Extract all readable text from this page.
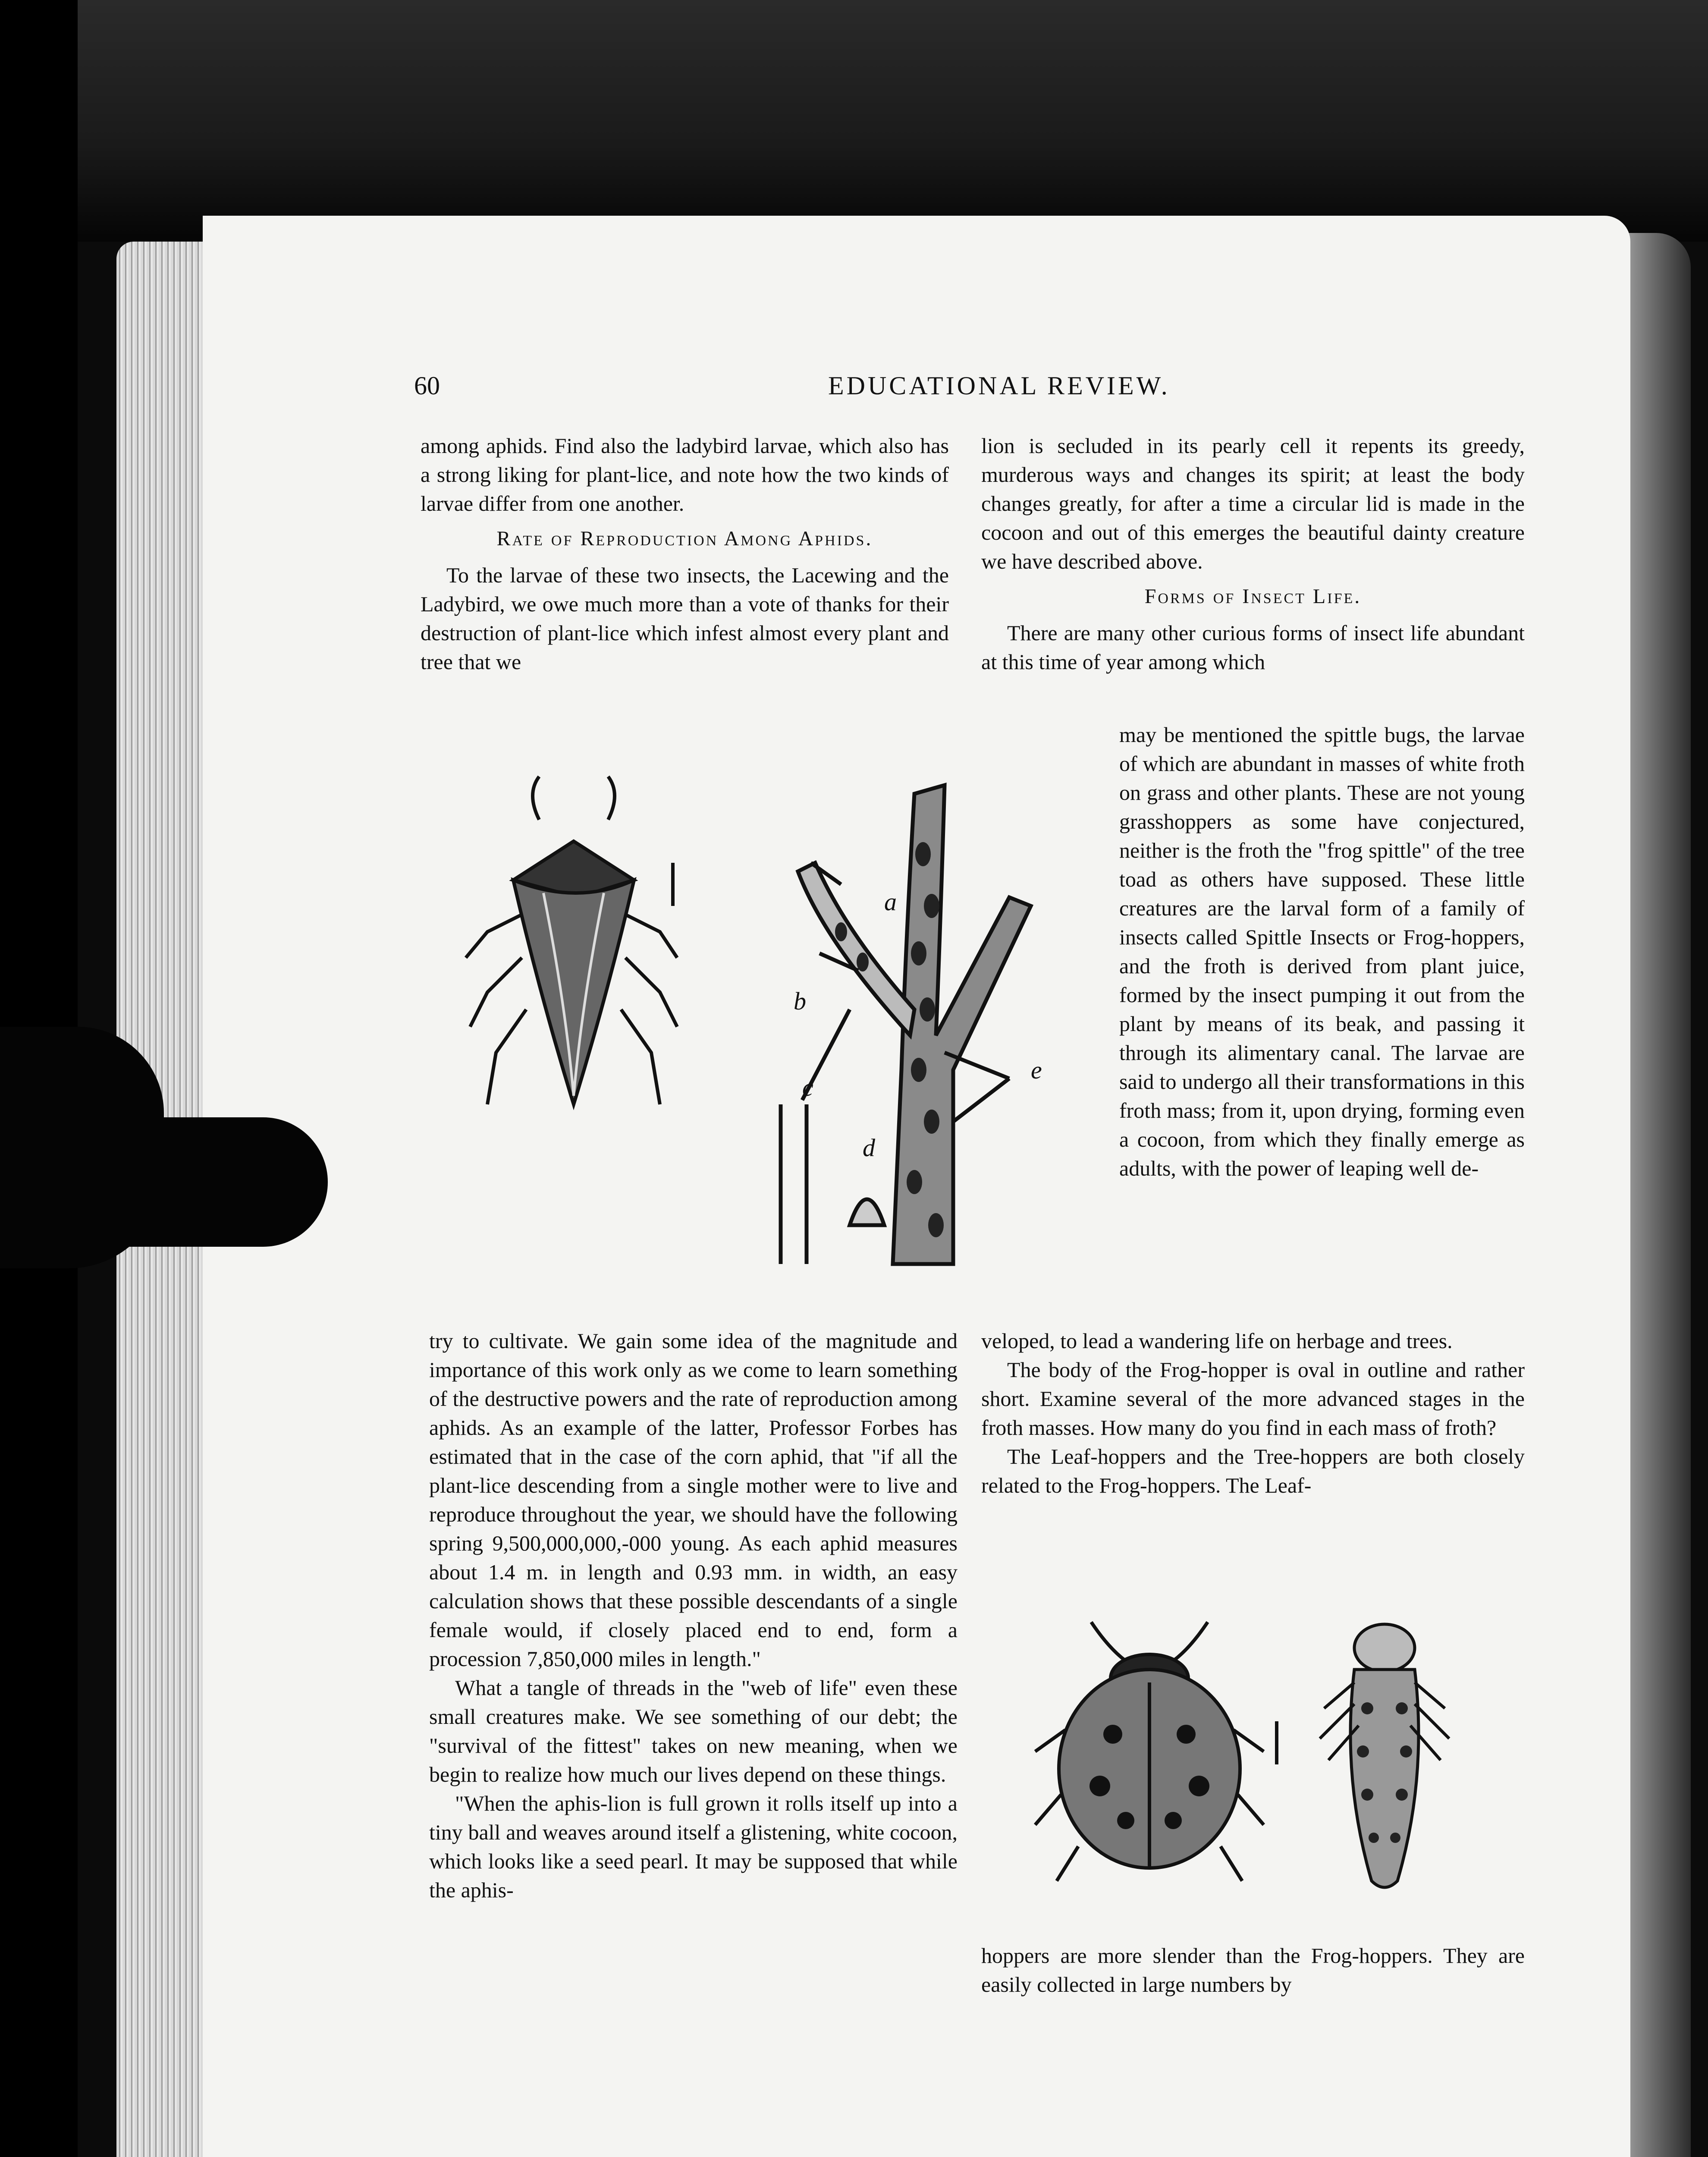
60	EDUCATIONAL REVIEW.

among aphids. Find also the ladybird larvae, which also has a strong liking for plant-lice, and note how the two kinds of larvae differ from one another.

Rate of Reproduction Among Aphids.

To the larvae of these two insects, the Lacewing and the Ladybird, we owe much more than a vote of thanks for their destruction of plant-lice which infest almost every plant and tree that we

lion is secluded in its pearly cell it repents its greedy, murderous ways and changes its spirit; at least the body changes greatly, for after a time a circular lid is made in the cocoon and out of this emerges the beautiful dainty creature we have described above.

Forms of Insect Life.

There are many other curious forms of insect life abundant at this time of year among which

may be mentioned the spittle bugs, the larvae of which are abundant in masses of white froth on grass and other plants. These are not young grasshoppers as some have conjectured, neither is the froth the "frog spittle" of the tree toad as others have supposed. These little creatures are the larval form of a family of insects called Spittle Insects or Frog-hoppers, and the froth is derived from plant juice, formed by the insect pumping it out from the plant by means of its beak, and passing it through its alimentary canal. The larvae are said to undergo all their transformations in this froth mass; from it, upon drying, forming even a cocoon, from which they finally emerge as adults, with the power of leaping well de-

a
b
c
d
e

try to cultivate. We gain some idea of the magnitude and importance of this work only as we come to learn something of the destructive powers and the rate of reproduction among aphids. As an example of the latter, Professor Forbes has estimated that in the case of the corn aphid, that "if all the plant-lice descending from a single mother were to live and reproduce throughout the year, we should have the following spring 9,500,000,000,-000 young. As each aphid measures about 1.4 m. in length and 0.93 mm. in width, an easy calculation shows that these possible descendants of a single female would, if closely placed end to end, form a procession 7,850,000 miles in length."

What a tangle of threads in the "web of life" even these small creatures make. We see something of our debt; the "survival of the fittest" takes on new meaning, when we begin to realize how much our lives depend on these things.

"When the aphis-lion is full grown it rolls itself up into a tiny ball and weaves around itself a glistening, white cocoon, which looks like a seed pearl. It may be supposed that while the aphis-

veloped, to lead a wandering life on herbage and trees.

The body of the Frog-hopper is oval in outline and rather short. Examine several of the more advanced stages in the froth masses. How many do you find in each mass of froth?

The Leaf-hoppers and the Tree-hoppers are both closely related to the Frog-hoppers. The Leaf-

hoppers are more slender than the Frog-hoppers. They are easily collected in large numbers by
